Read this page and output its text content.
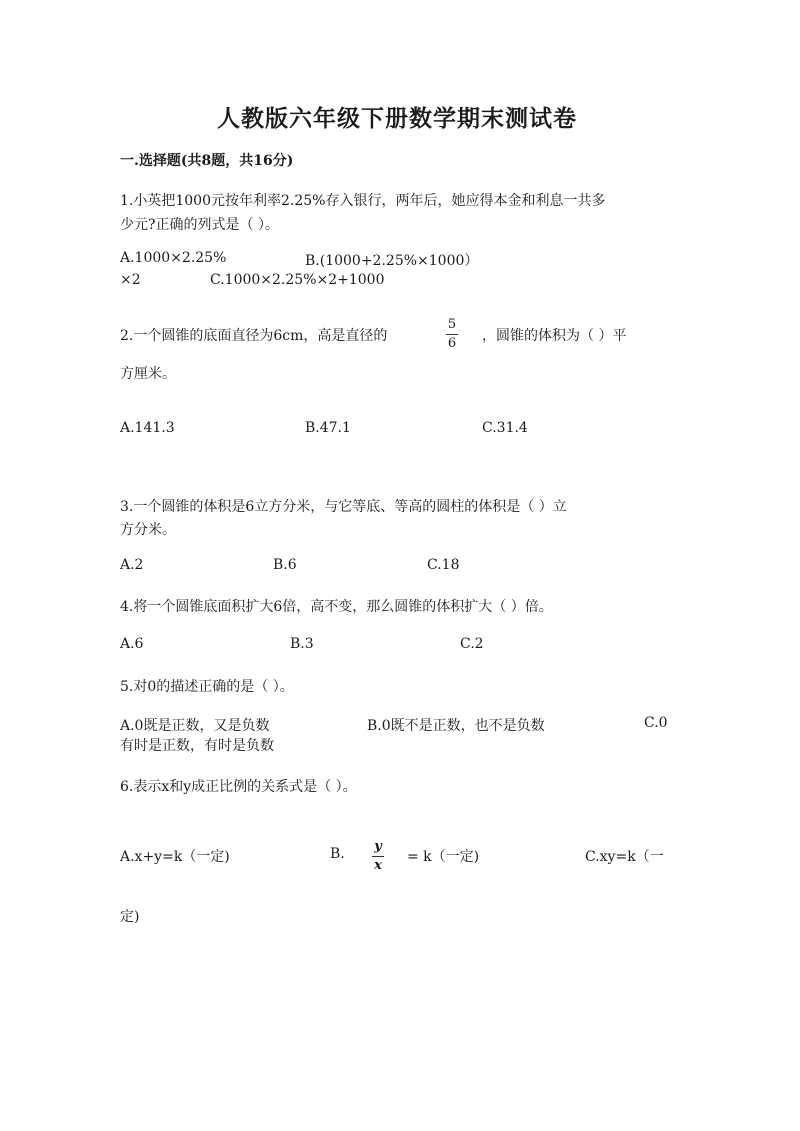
人教版六年级下册数学期末测试卷
一.选择题(共8题，共16分)
1.小英把1000元按年利率2.25%存入银行，两年后，她应得本金和利息一共多
少元?正确的列式是（ ）。
A.1000×2.25%	B.(1000+2.25%×1000）
×2	C.1000×2.25%×2+1000
2.一个圆锥的底面直径为6cm，高是直径的
5
6 ，圆锥的体积为（ ）平
方厘米。
A.141.3	B.47.1	C.31.4
3.一个圆锥的体积是6立方分米，与它等底、等高的圆柱的体积是（ ）立
方分米。
A.2	B.6	C.18
4.将一个圆锥底面积扩大6倍，高不变，那么圆锥的体积扩大（ ）倍。
A.6	B.3	C.2
5.对0的描述正确的是（ ）。
A.0既是正数，又是负数	B.0既不是正数，也不是负数	C.0
有时是正数，有时是负数
6.表示x和y成正比例的关系式是（ ）。
A.x+y=k（一定)	B. y
x
= k（一定)	C.xy=k（一
定)
